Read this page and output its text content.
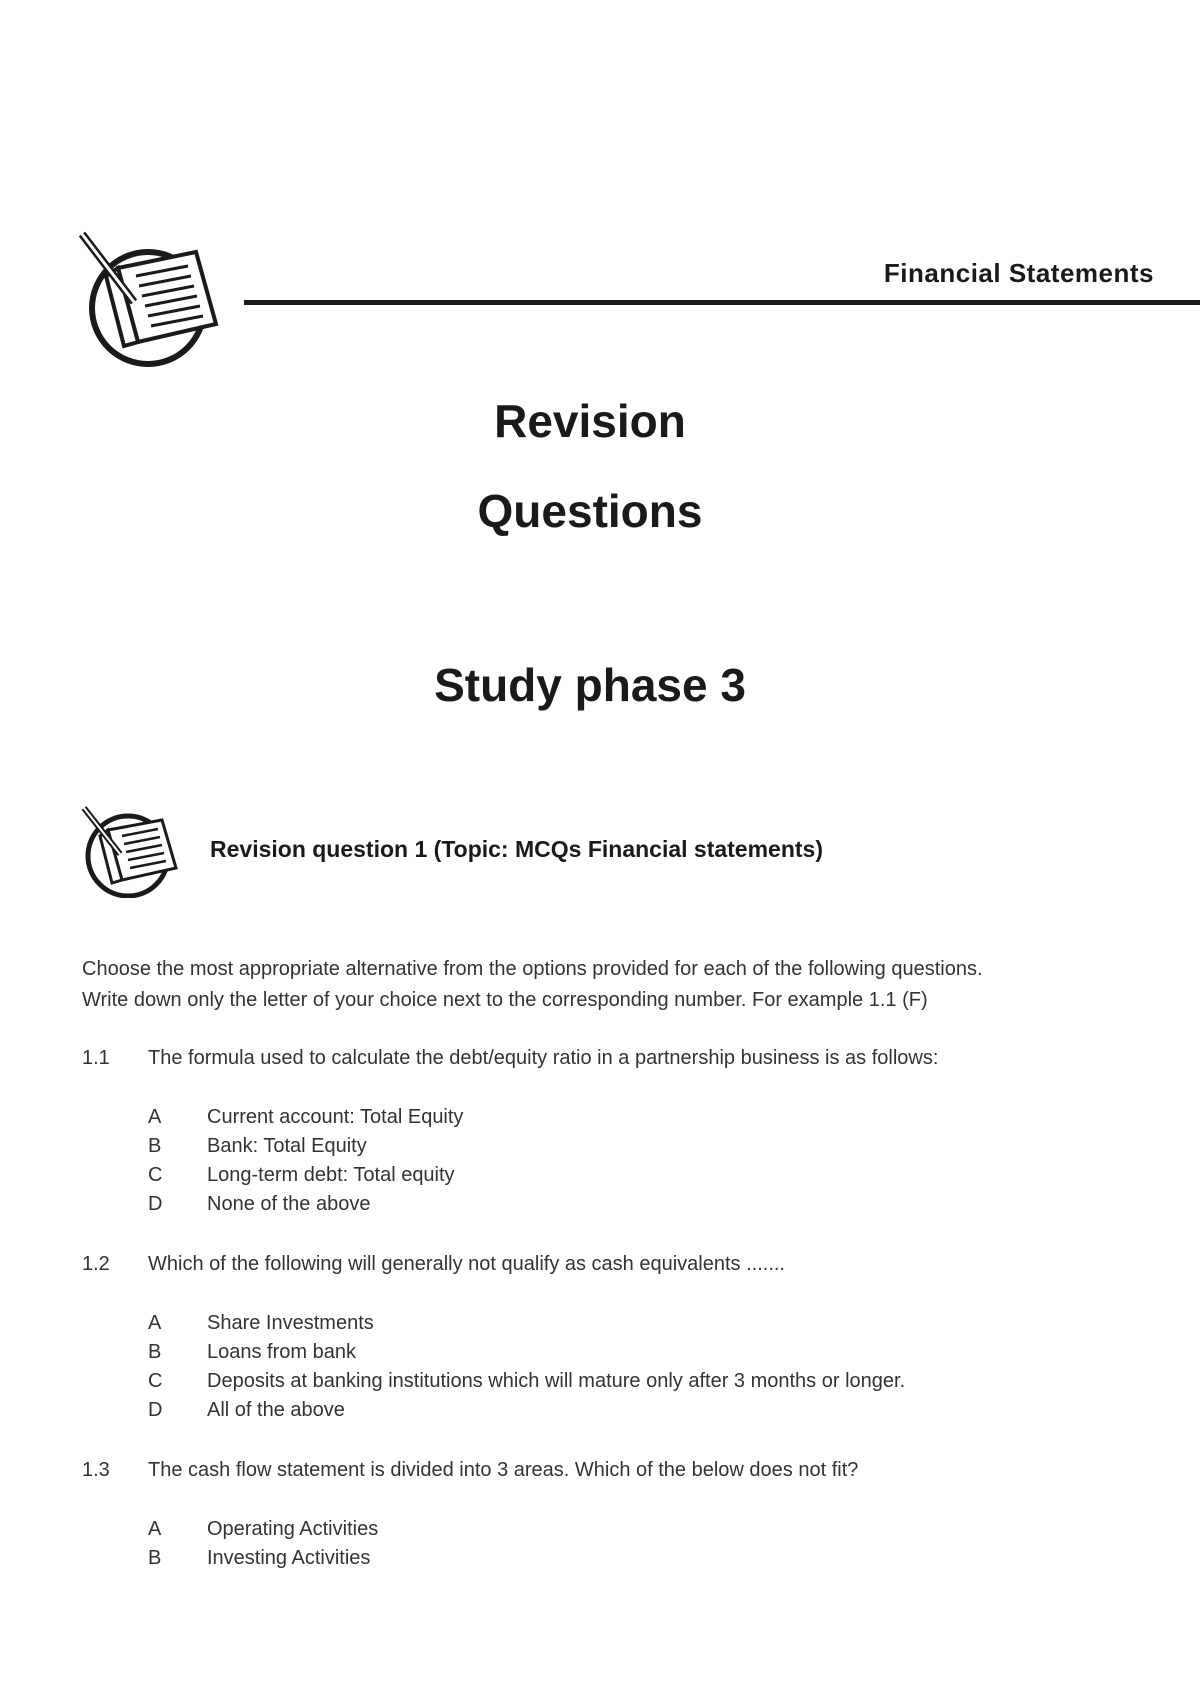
Financial Statements
Revision
Questions
Study phase 3
Revision question 1 (Topic: MCQs Financial statements)
Choose the most appropriate alternative from the options provided for each of the following questions.
Write down only the letter of your choice next to the corresponding number. For example 1.1 (F)
1.1 The formula used to calculate the debt/equity ratio in a partnership business is as follows:
A Current account: Total Equity
B Bank: Total Equity
C Long-term debt: Total equity
D None of the above
1.2 Which of the following will generally not qualify as cash equivalents .......
A Share Investments
B Loans from bank
C Deposits at banking institutions which will mature only after 3 months or longer.
D All of the above
1.3 The cash flow statement is divided into 3 areas. Which of the below does not fit?
A Operating Activities
B Investing Activities
